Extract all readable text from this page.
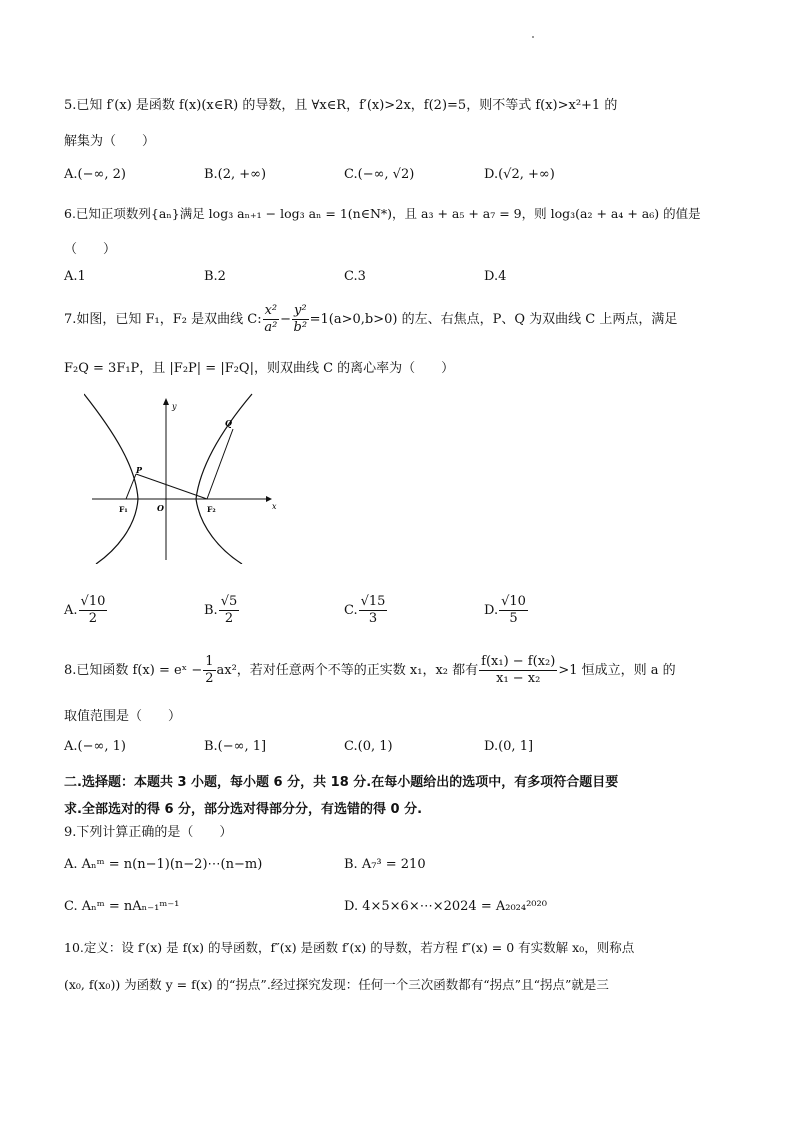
5.已知 f′(x) 是函数 f(x)(x∈R) 的导数，且 ∀x∈R，f′(x)>2x，f(2)=5，则不等式 f(x)>x²+1 的
解集为（　　）
A.(−∞, 2)	B.(2, +∞)	C.(−∞, √2)	D.(√2, +∞)
6.已知正项数列{aₙ}满足 log₃ aₙ₊₁ − log₃ aₙ = 1(n∈N*)，且 a₃ + a₅ + a₇ = 9，则 log₃(a₂ + a₄ + a₆) 的值是
（　　）
A.1	B.2	C.3	D.4
7.如图，已知 F₁，F₂ 是双曲线 C: $\frac{\text{x²}}{\text{a²}} - \frac{\text{y²}}{\text{b²}} =1(a>0,b>0)$ 的左、右焦点，P、Q 为双曲线 C 上两点，满足
F₂Q = 3F₁P，且 |F₂P| = |F₂Q|，则双曲线 C 的离心率为（　　）
y
x
O
F₁	F₂
P
Q
A. $\frac{√10}{2}$	B. $\frac{√5}{2}$	C. $\frac{√15}{3}$	D. $\frac{√10}{5}$
8.已知函数 f(x) = eˣ − $\frac{1}{2} ax^2$，若对任意两个不等的正实数 x₁，x₂ 都有 $\frac{\text{f(x₁) − f(x₂)}}{\text{x₁ − x₂}} >1$ 恒成立，则 a 的
取值范围是（　　）
A.(−∞, 1)	B.(−∞, 1]	C.(0, 1)	D.(0, 1]
二.选择题：本题共 3 小题，每小题 6 分，共 18 分.在每小题给出的选项中，有多项符合题目要
求.全部选对的得 6 分，部分选对得部分分，有选错的得 0 分.
9.下列计算正确的是（　　）
A. Aₙᵐ = n(n−1)(n−2)⋯(n−m)	B. A₇³ = 210
C. Aₙᵐ = nAₙ₋₁ᵐ⁻¹	D. 4×5×6×⋯×2024 = A₂₀₂₄²⁰²⁰
10.定义：设 f′(x) 是 f(x) 的导函数，f″(x) 是函数 f′(x) 的导数，若方程 f″(x) = 0 有实数解 x₀，则称点
(x₀, f(x₀)) 为函数 y = f(x) 的“拐点”.经过探究发现：任何一个三次函数都有“拐点”且“拐点”就是三
